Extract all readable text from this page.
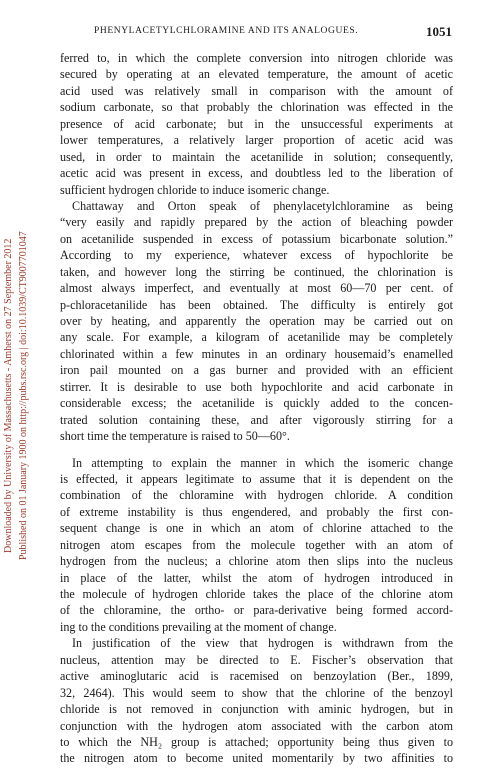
PHENYLACETYLCHLORAMINE AND ITS ANALOGUES.	1051
Downloaded by University of Massachusetts - Amherst on 27 September 2012 Published on 01 January 1900 on http://pubs.rsc.org | doi:10.1039/CT9007701047
ferred to, in which the complete conversion into nitrogen chloride was
secured by operating at an elevated temperature, the amount of acetic
acid used was relatively small in comparison with the amount of
sodium carbonate, so that probably the chlorination was effected in the
presence of acid carbonate; but in the unsuccessful experiments at
lower temperatures, a relatively larger proportion of acetic acid was
used, in order to maintain the acetanilide in solution; consequently,
acetic acid was present in excess, and doubtless led to the liberation of
sufficient hydrogen chloride to induce isomeric change.
Chattaway and Orton speak of phenylacetylchloramine as being
“very easily and rapidly prepared by the action of bleaching powder
on acetanilide suspended in excess of potassium bicarbonate solution.”
According to my experience, whatever excess of hypochlorite be
taken, and however long the stirring be continued, the chlorination is
almost always imperfect, and eventually at most 60—70 per cent. of
p-chloracetanilide has been obtained. The difficulty is entirely got
over by heating, and apparently the operation may be carried out on
any scale. For example, a kilogram of acetanilide may be completely
chlorinated within a few minutes in an ordinary housemaid’s enamelled
iron pail mounted on a gas burner and provided with an efficient
stirrer. It is desirable to use both hypochlorite and acid carbonate in
considerable excess; the acetanilide is quickly added to the concen-
trated solution containing these, and after vigorously stirring for a
short time the temperature is raised to 50—60°.
In attempting to explain the manner in which the isomeric change
is effected, it appears legitimate to assume that it is dependent on the
combination of the chloramine with hydrogen chloride. A condition
of extreme instability is thus engendered, and probably the first con-
sequent change is one in which an atom of chlorine attached to the
nitrogen atom escapes from the molecule together with an atom of
hydrogen from the nucleus; a chlorine atom then slips into the nucleus
in place of the latter, whilst the atom of hydrogen introduced in
the molecule of hydrogen chloride takes the place of the chlorine atom
of the chloramine, the ortho- or para-derivative being formed accord-
ing to the conditions prevailing at the moment of change.
In justification of the view that hydrogen is withdrawn from the
nucleus, attention may be directed to E. Fischer’s observation that
active aminoglutaric acid is racemised on benzoylation (Ber., 1899,
32, 2464). This would seem to show that the chlorine of the benzoyl
chloride is not removed in conjunction with aminic hydrogen, but in
conjunction with the hydrogen atom associated with the carbon atom
to which the NH₂ group is attached; opportunity being thus given to
the nitrogen atom to become united momentarily by two affinities to
